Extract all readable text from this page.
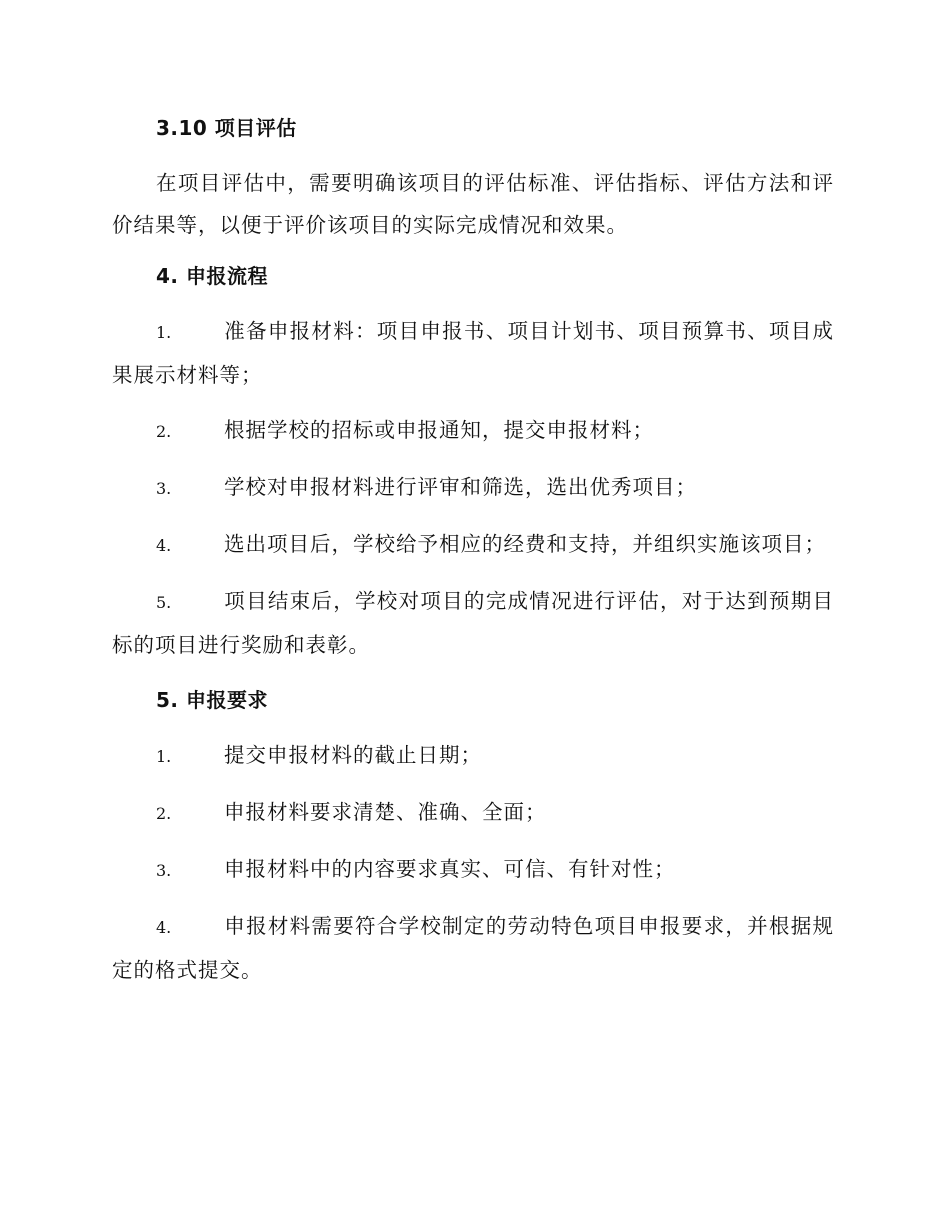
3.10 项目评估

在项目评估中，需要明确该项目的评估标准、评估指标、评估方法和评价结果等，以便于评价该项目的实际完成情况和效果。

4. 申报流程
1.	准备申报材料：项目申报书、项目计划书、项目预算书、项目成果展示材料等；
2.	根据学校的招标或申报通知，提交申报材料；
3.	学校对申报材料进行评审和筛选，选出优秀项目；
4.	选出项目后，学校给予相应的经费和支持，并组织实施该项目；
5.	项目结束后，学校对项目的完成情况进行评估，对于达到预期目标的项目进行奖励和表彰。
5. 申报要求
1.	提交申报材料的截止日期；
2.	申报材料要求清楚、准确、全面；
3.	申报材料中的内容要求真实、可信、有针对性；
4.	申报材料需要符合学校制定的劳动特色项目申报要求，并根据规定的格式提交。
